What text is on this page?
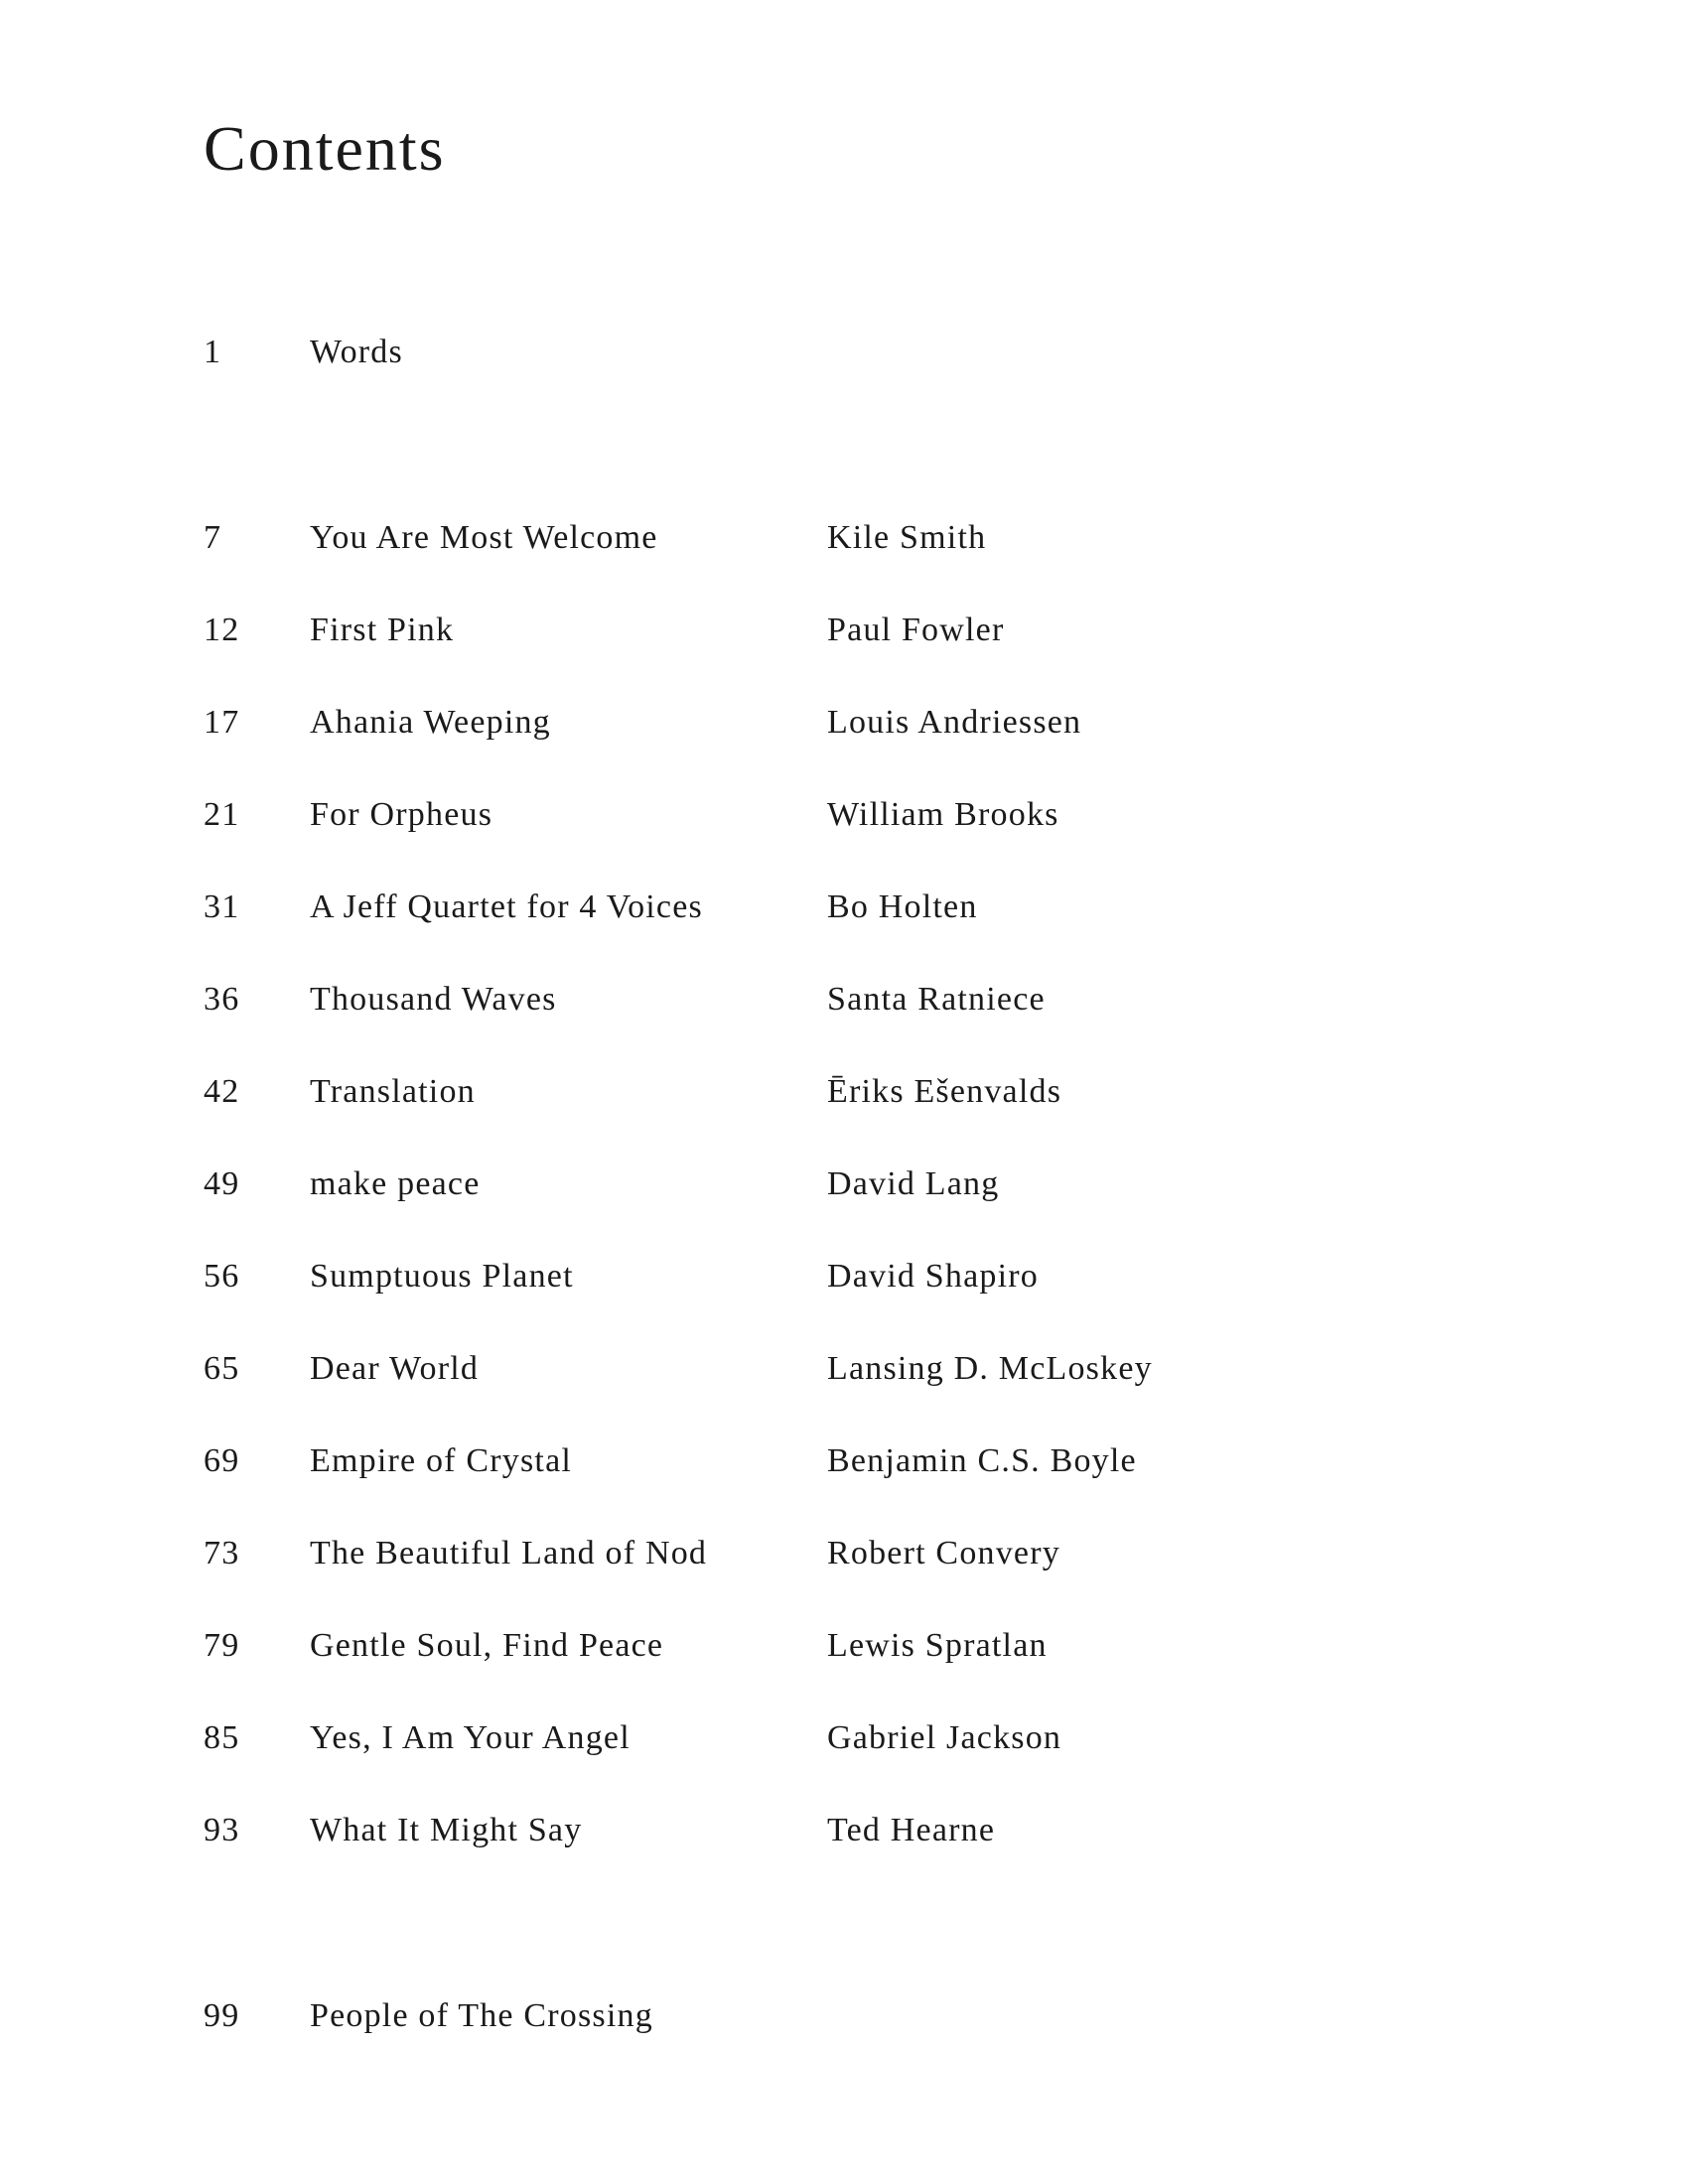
Contents
1	Words
7	You Are Most Welcome	Kile Smith
12 First Pink	Paul Fowler
17 Ahania Weeping	Louis Andriessen
21 For Orpheus	William Brooks
31 A Jeff Quartet for 4 Voices	Bo Holten
36 Thousand Waves	Santa Ratniece
42 Translation	Ēriks Ešenvalds
49 make peace	David Lang
56 Sumptuous Planet	David Shapiro
65 Dear World	Lansing D. McLoskey
69 Empire of Crystal	Benjamin C.S. Boyle
73 The Beautiful Land of Nod	Robert Convery
79 Gentle Soul, Find Peace	Lewis Spratlan
85 Yes, I Am Your Angel	Gabriel Jackson
93 What It Might Say	Ted Hearne
99 People of The Crossing
